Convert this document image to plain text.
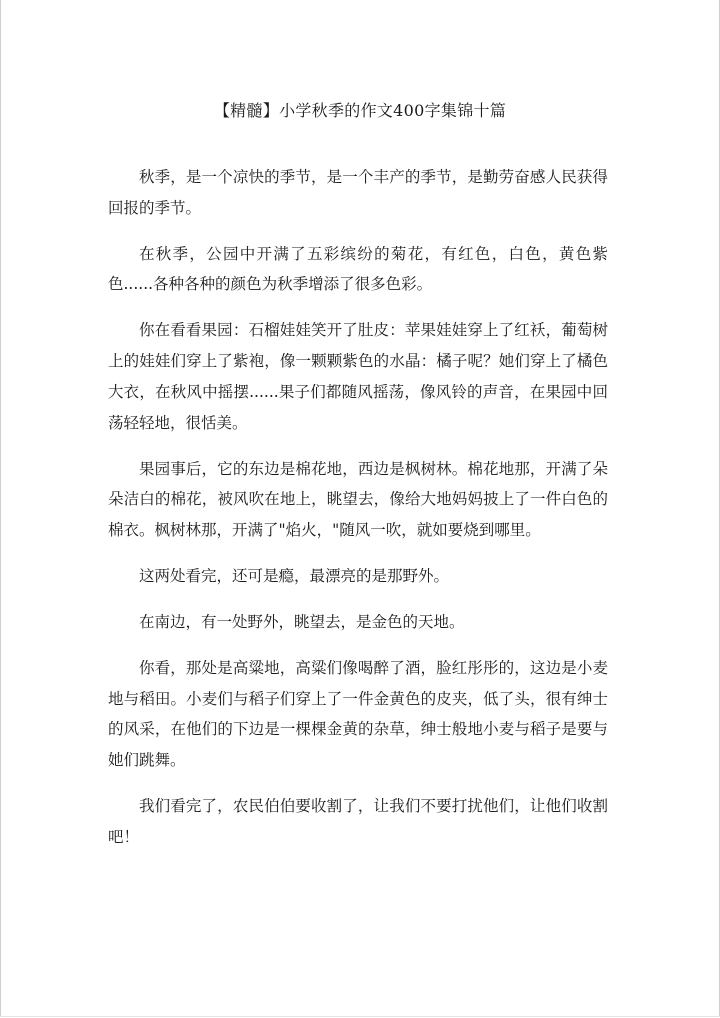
【精髓】小学秋季的作文400字集锦十篇

秋季，是一个凉快的季节，是一个丰产的季节，是勤劳奋感人民获得回报的季节。

在秋季，公园中开满了五彩缤纷的菊花，有红色，白色，黄色紫色......各种各种的颜色为秋季增添了很多色彩。

你在看看果园：石榴娃娃笑开了肚皮：苹果娃娃穿上了红袄，葡萄树上的娃娃们穿上了紫袍，像一颗颗紫色的水晶：橘子呢？她们穿上了橘色大衣，在秋风中摇摆......果子们都随风摇荡，像风铃的声音，在果园中回荡轻轻地，很恬美。

果园事后，它的东边是棉花地，西边是枫树林。棉花地那，开满了朵朵洁白的棉花，被风吹在地上，眺望去，像给大地妈妈披上了一件白色的棉衣。枫树林那，开满了"焰火，"随风一吹，就如要烧到哪里。

这两处看完，还可是瘾，最漂亮的是那野外。

在南边，有一处野外，眺望去，是金色的天地。

你看，那处是高粱地，高粱们像喝醉了酒，脸红彤彤的，这边是小麦地与稻田。小麦们与稻子们穿上了一件金黄色的皮夹，低了头，很有绅士的风采，在他们的下边是一棵棵金黄的杂草，绅士般地小麦与稻子是要与她们跳舞。

我们看完了，农民伯伯要收割了，让我们不要打扰他们，让他们收割吧！
